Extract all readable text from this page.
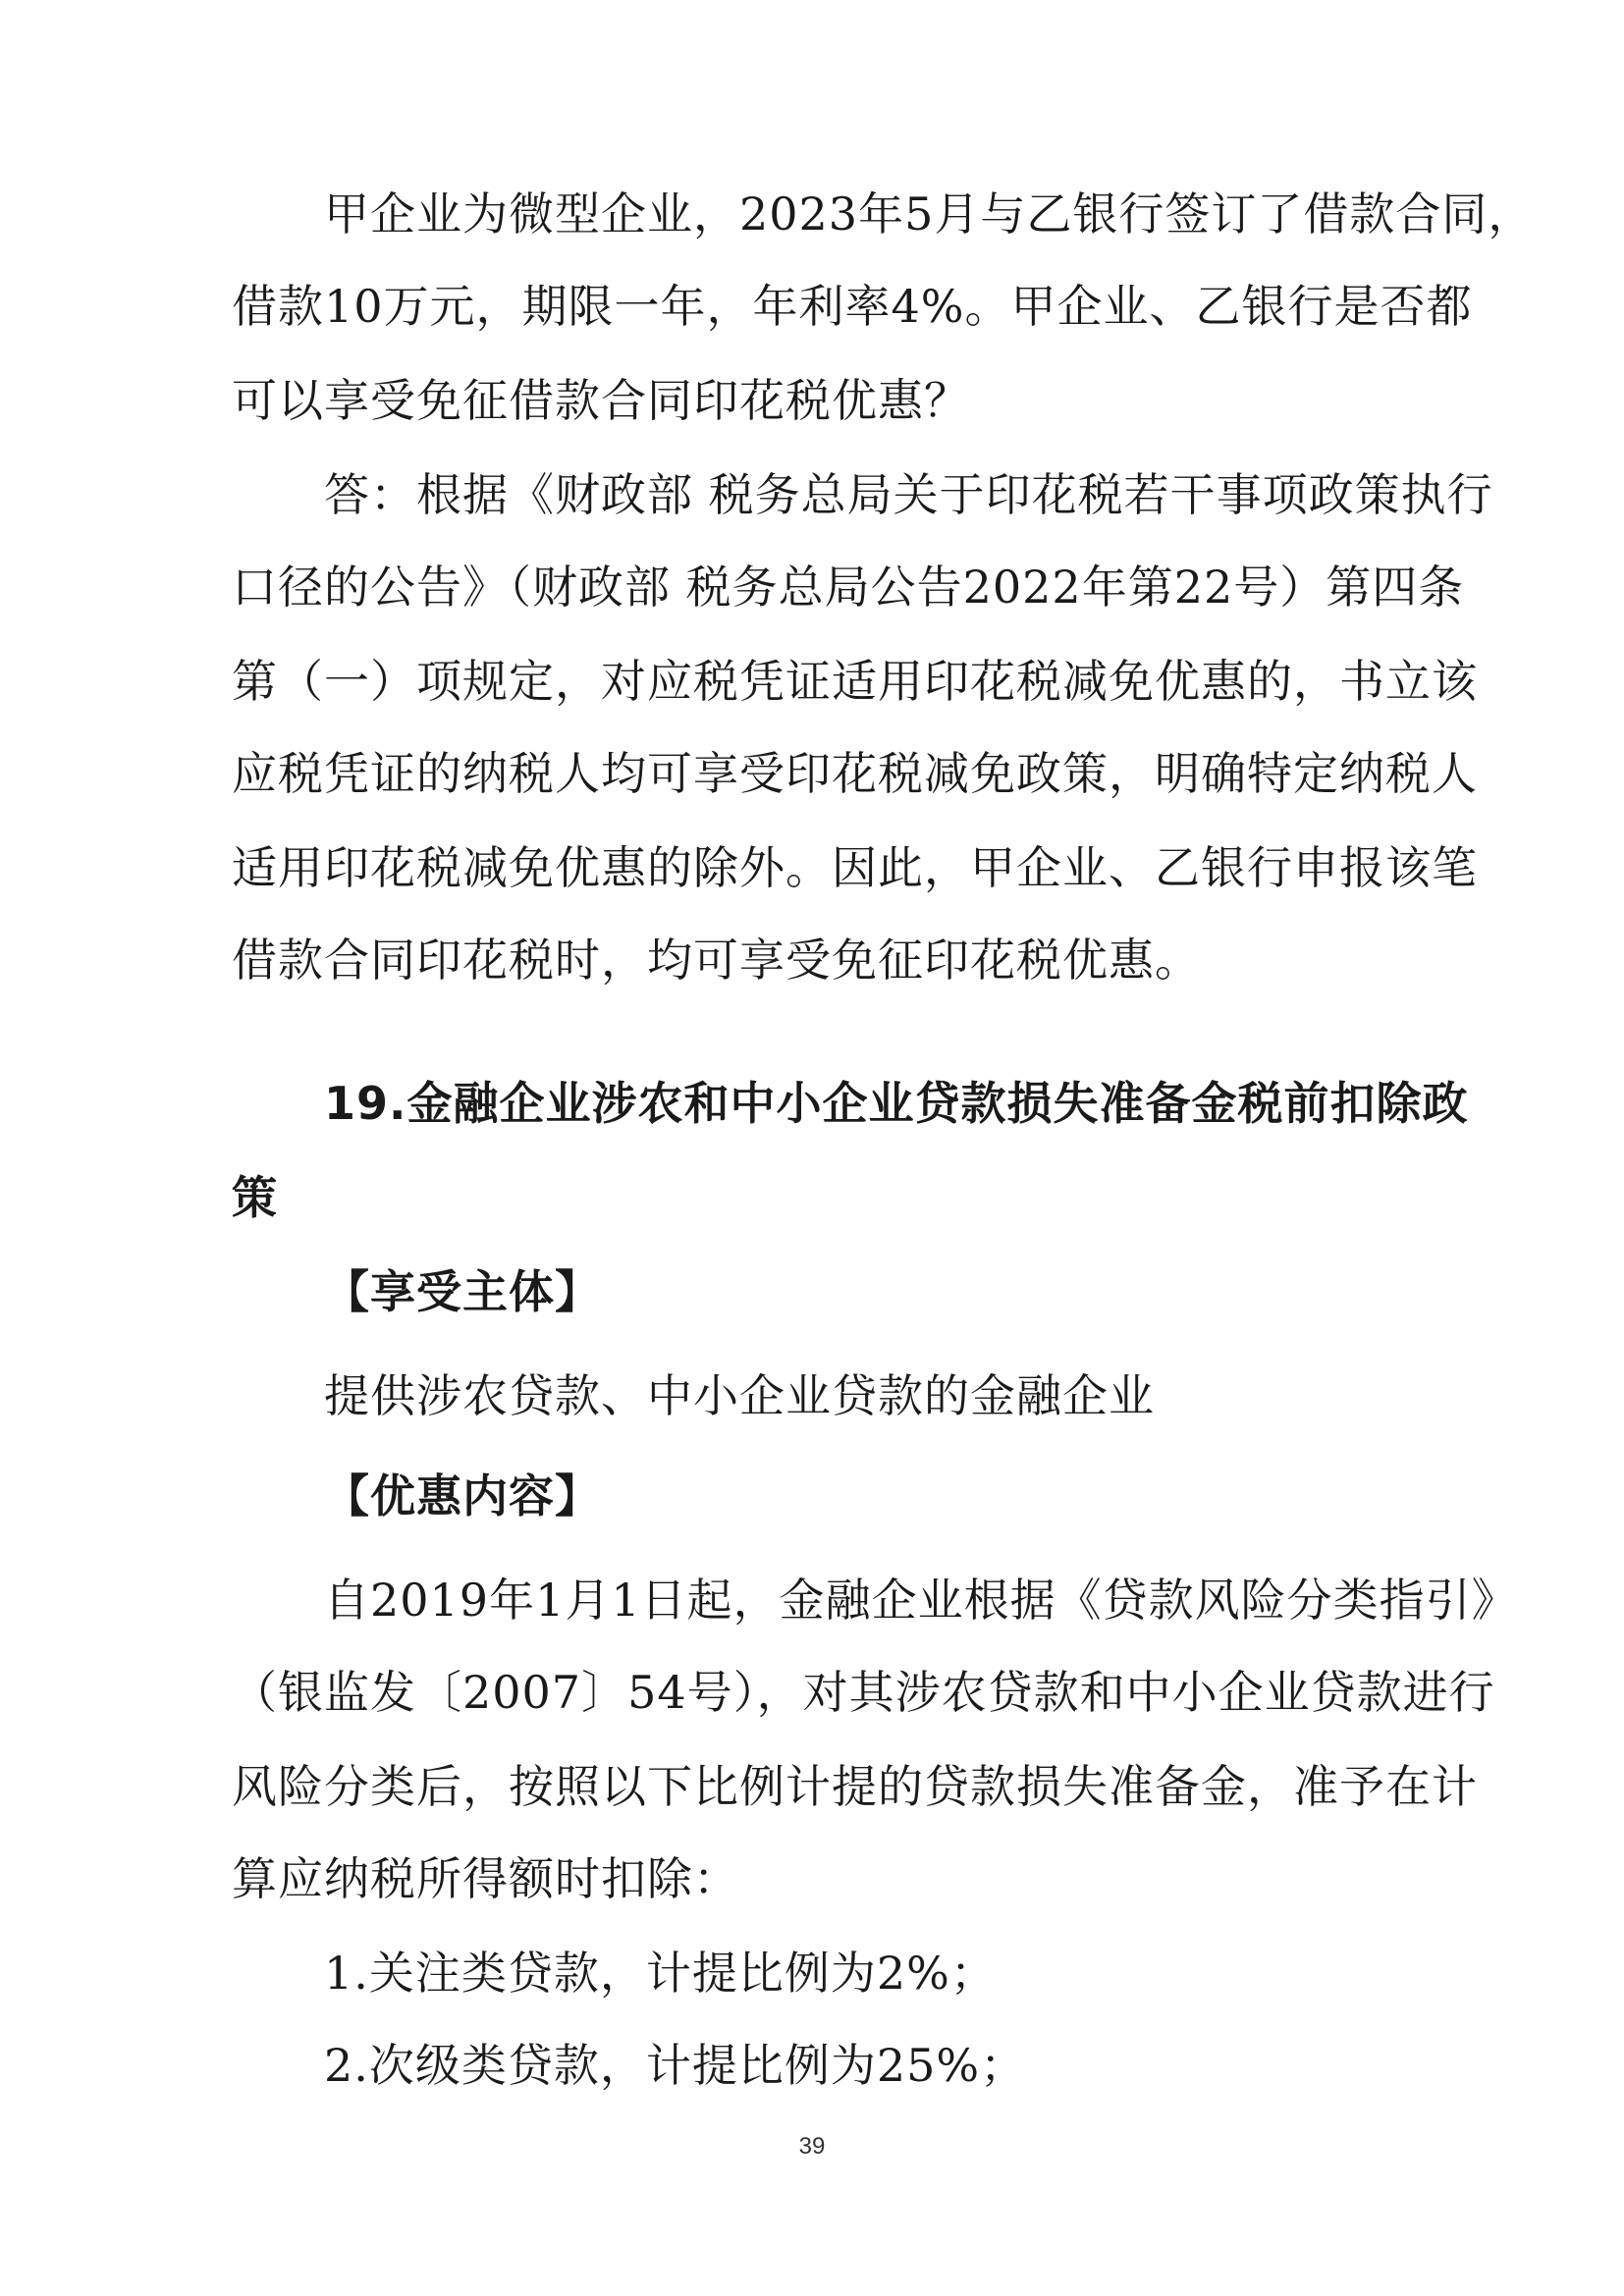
甲企业为微型企业，2023年5月与乙银行签订了借款合同，

借款10万元，期限一年，年利率4%。甲企业、乙银行是否都

可以享受免征借款合同印花税优惠？

答：根据《财政部 税务总局关于印花税若干事项政策执行

口径的公告》（财政部 税务总局公告2022年第22号）第四条

第（一）项规定，对应税凭证适用印花税减免优惠的，书立该

应税凭证的纳税人均可享受印花税减免政策，明确特定纳税人

适用印花税减免优惠的除外。因此，甲企业、乙银行申报该笔

借款合同印花税时，均可享受免征印花税优惠。

19.金融企业涉农和中小企业贷款损失准备金税前扣除政

策

【享受主体】

提供涉农贷款、中小企业贷款的金融企业

【优惠内容】

自2019年1月1日起，金融企业根据《贷款风险分类指引》

（银监发〔2007〕54号），对其涉农贷款和中小企业贷款进行

风险分类后，按照以下比例计提的贷款损失准备金，准予在计

算应纳税所得额时扣除：

1.关注类贷款，计提比例为2%；

2.次级类贷款，计提比例为25%；

39
